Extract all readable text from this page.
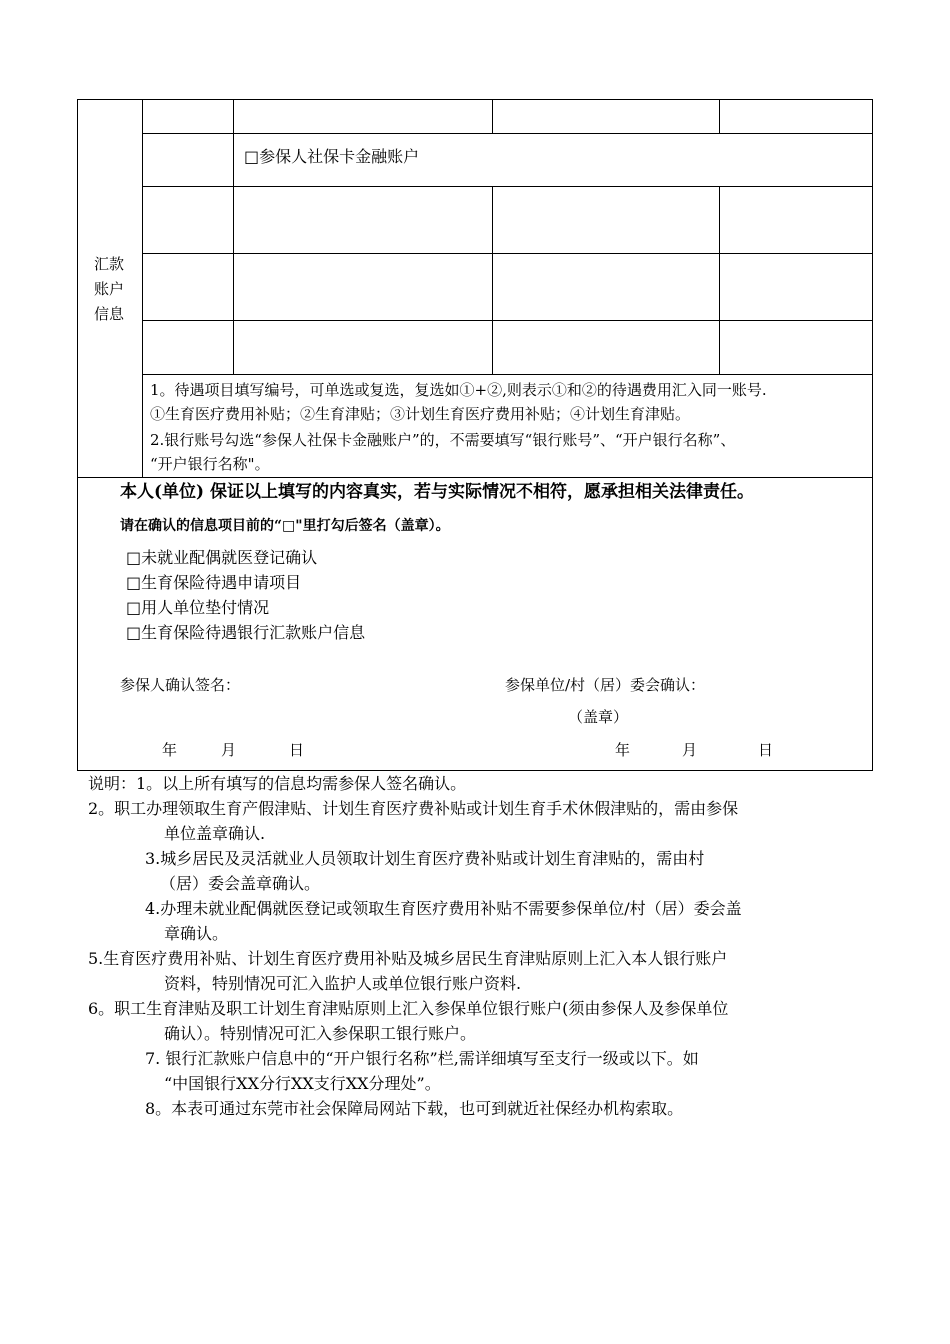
汇款
账户
信息
□参保人社保卡金融账户
1。待遇项目填写编号，可单选或复选，复选如①+②,则表示①和②的待遇费用汇入同一账号.
①生育医疗费用补贴；②生育津贴；③计划生育医疗费用补贴；④计划生育津贴。
2.银行账号勾选“参保人社保卡金融账户”的，不需要填写“银行账号”、“开户银行名称”、
“开户银行名称"。
本人(单位) 保证以上填写的内容真实，若与实际情况不相符，愿承担相关法律责任。
请在确认的信息项目前的“□"里打勾后签名（盖章）。
□未就业配偶就医登记确认
□生育保险待遇申请项目
□用人单位垫付情况
□生育保险待遇银行汇款账户信息
参保人确认签名：	参保单位/村（居）委会确认：
（盖章）
年	月	日	年	月	日
说明：1。以上所有填写的信息均需参保人签名确认。
2。职工办理领取生育产假津贴、计划生育医疗费补贴或计划生育手术休假津贴的，需由参保
单位盖章确认.
3.城乡居民及灵活就业人员领取计划生育医疗费补贴或计划生育津贴的，需由村
（居）委会盖章确认。
4.办理未就业配偶就医登记或领取生育医疗费用补贴不需要参保单位/村（居）委会盖
章确认。
5.生育医疗费用补贴、计划生育医疗费用补贴及城乡居民生育津贴原则上汇入本人银行账户
资料，特别情况可汇入监护人或单位银行账户资料.
6。职工生育津贴及职工计划生育津贴原则上汇入参保单位银行账户(须由参保人及参保单位
确认）。特别情况可汇入参保职工银行账户。
7. 银行汇款账户信息中的“开户银行名称”栏,需详细填写至支行一级或以下。如
“中国银行XX分行XX支行XX分理处”。
8。本表可通过东莞市社会保障局网站下载，也可到就近社保经办机构索取。
